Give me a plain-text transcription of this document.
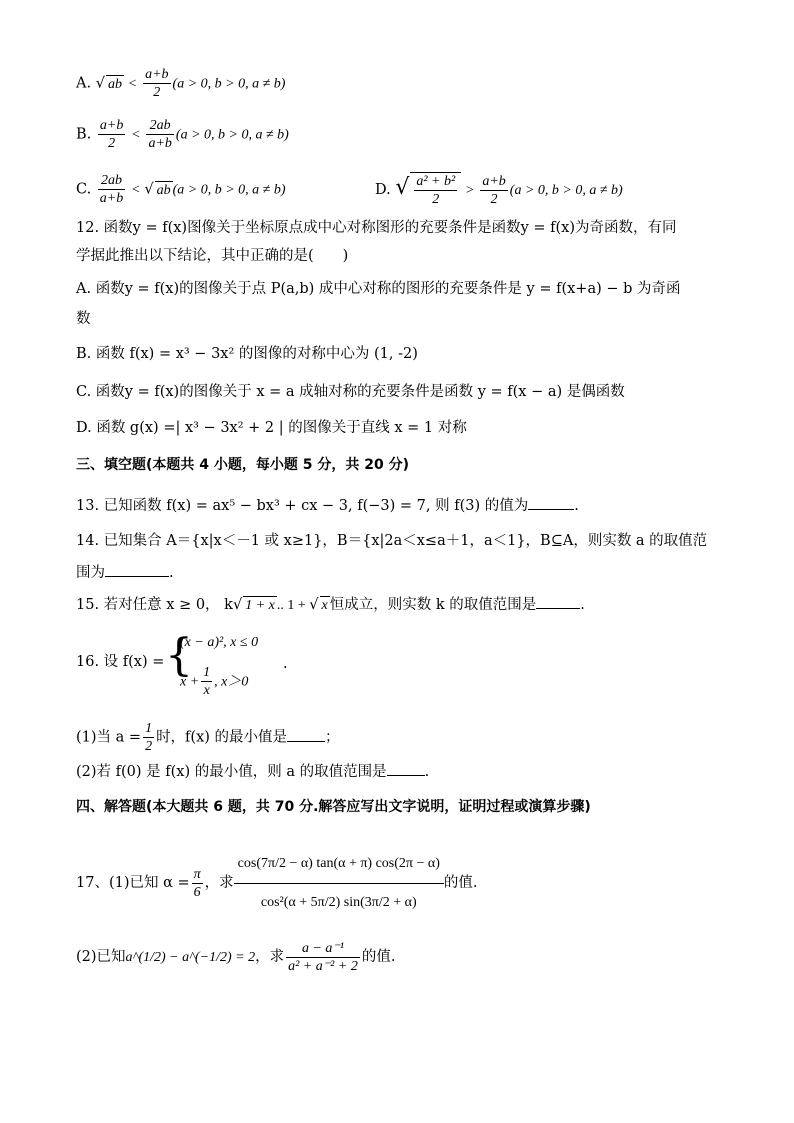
A. √ ab < $\frac{a+b}{2} (a > 0$, b > 0, a ≠ b)
B. $\frac{a+b}{2} < \frac{2ab}{a+b} (a > 0$, b > 0, a ≠ b)
C. $\frac{2ab}{a+b}$ < √ ab (a > 0, b > 0, a ≠ b)	D. √ $\frac{\text{a² + b²}}{2} > \frac{a+b}{2} (a > 0$, b > 0, a ≠ b)
12. 函数y = f(x)图像关于坐标原点成中心对称图形的充要条件是函数y = f(x)为奇函数，有同
学据此推出以下结论，其中正确的是(　　)
A. 函数y = f(x)的图像关于点 P(a,b) 成中心对称的图形的充要条件是 y = f(x+a) − b 为奇函
数
B. 函数 f(x) = x³ − 3x² 的图像的对称中心为 (1, -2)
C. 函数y = f(x)的图像关于 x = a 成轴对称的充要条件是函数 y = f(x − a) 是偶函数
D. 函数 g(x) =| x³ − 3x² + 2 | 的图像关于直线 x = 1 对称
三、填空题(本题共 4 小题，每小题 5 分，共 20 分)
13. 已知函数 f(x) = ax⁵ − bx³ + cx − 3, f(−3) = 7, 则 f(3) 的值为	.
14. 已知集合 A＝{x|x＜－1 或 x≥1}，B＝{x|2a＜x≤a＋1，a＜1}，B⊆A，则实数 a 的取值范
围为	.
15. 若对任意 x ≥ 0， k√ 1 + x .. 1 + √ x 恒成立，则实数 k 的取值范围是	.
16. 设 f(x) = {
(x − a)², x ≤ 0
$x + \frac{1}{x}$ , x＞0
.
(1)当 $a = \frac{1}{2}$ 时，f(x) 的最小值是	；
(2)若 f(0) 是 f(x) 的最小值，则 a 的取值范围是	.
四、解答题(本大题共 6 题，共 70 分.解答应写出文字说明，证明过程或演算步骤)
17、(1)已知 $\alpha = \frac{\pi}{6}$ ，求 $\frac{\cos(7\pi/2 - \alpha) \tan(\alpha + \pi) \cos(2\pi - \alpha)}{\text{cos²(α + 5π/2) sin(3π/2 + α)}}$ 的值.
(2)已知a^(1/2) − a^(−1/2) = 2，求 $\frac{\text{a − a⁻¹}}{\text{a² + a⁻² + 2}}$ 的值.
